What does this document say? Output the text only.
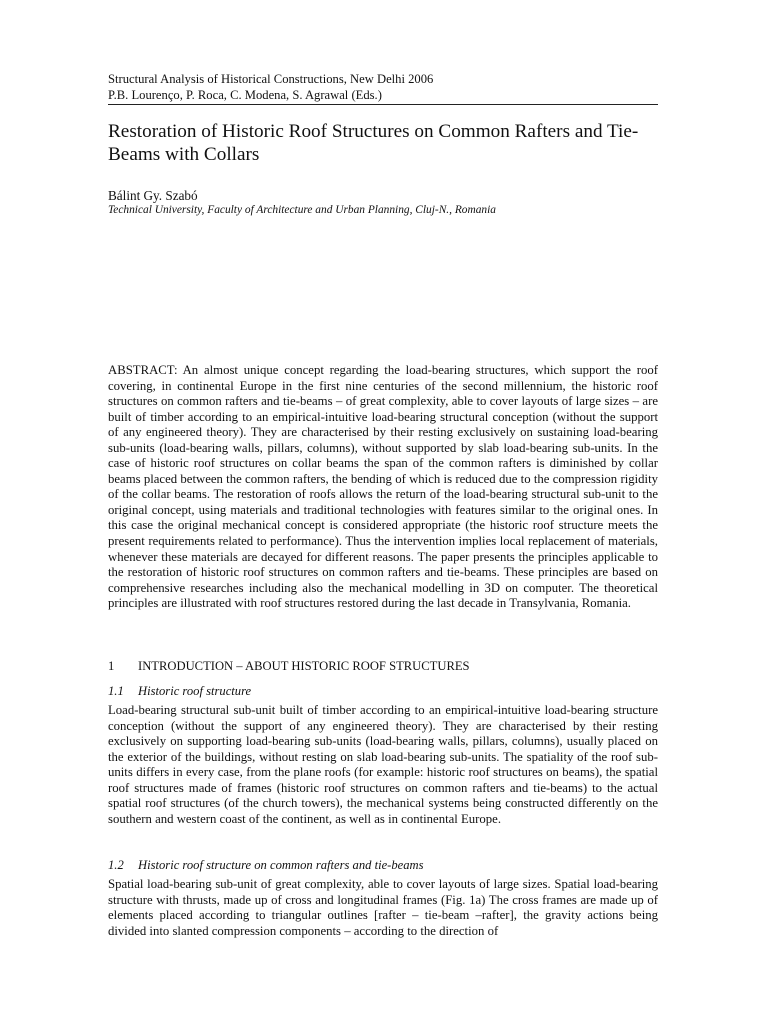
Structural Analysis of Historical Constructions, New Delhi 2006
P.B. Lourenço, P. Roca, C. Modena, S. Agrawal (Eds.)
Restoration of Historic Roof Structures on Common Rafters and Tie-Beams with Collars
Bálint Gy. Szabó
Technical University, Faculty of Architecture and Urban Planning, Cluj-N., Romania
ABSTRACT: An almost unique concept regarding the load-bearing structures, which support the roof covering, in continental Europe in the first nine centuries of the second millennium, the historic roof structures on common rafters and tie-beams – of great complexity, able to cover layouts of large sizes – are built of timber according to an empirical-intuitive load-bearing structural conception (without the support of any engineered theory). They are characterised by their resting exclusively on sustaining load-bearing sub-units (load-bearing walls, pillars, columns), without supported by slab load-bearing sub-units. In the case of historic roof structures on collar beams the span of the common rafters is diminished by collar beams placed between the common rafters, the bending of which is reduced due to the compression rigidity of the collar beams. The restoration of roofs allows the return of the load-bearing structural sub-unit to the original concept, using materials and traditional technologies with features similar to the original ones. In this case the original mechanical concept is considered appropriate (the historic roof structure meets the present requirements related to performance). Thus the intervention implies local replacement of materials, whenever these materials are decayed for different reasons. The paper presents the principles applicable to the restoration of historic roof structures on common rafters and tie-beams. These principles are based on comprehensive researches including also the mechanical modelling in 3D on computer. The theoretical principles are illustrated with roof structures restored during the last decade in Transylvania, Romania.
1 INTRODUCTION – ABOUT HISTORIC ROOF STRUCTURES
1.1 Historic roof structure
Load-bearing structural sub-unit built of timber according to an empirical-intuitive load-bearing structure conception (without the support of any engineered theory). They are characterised by their resting exclusively on supporting load-bearing sub-units (load-bearing walls, pillars, columns), usually placed on the exterior of the buildings, without resting on slab load-bearing sub-units. The spatiality of the roof sub-units differs in every case, from the plane roofs (for example: historic roof structures on beams), the spatial roof structures made of frames (historic roof structures on common rafters and tie-beams) to the actual spatial roof structures (of the church towers), the mechanical systems being constructed differently on the southern and western coast of the continent, as well as in continental Europe.
1.2 Historic roof structure on common rafters and tie-beams
Spatial load-bearing sub-unit of great complexity, able to cover layouts of large sizes. Spatial load-bearing structure with thrusts, made up of cross and longitudinal frames (Fig. 1a) The cross frames are made up of elements placed according to triangular outlines [rafter – tie-beam –rafter], the gravity actions being divided into slanted compression components – according to the direction of
